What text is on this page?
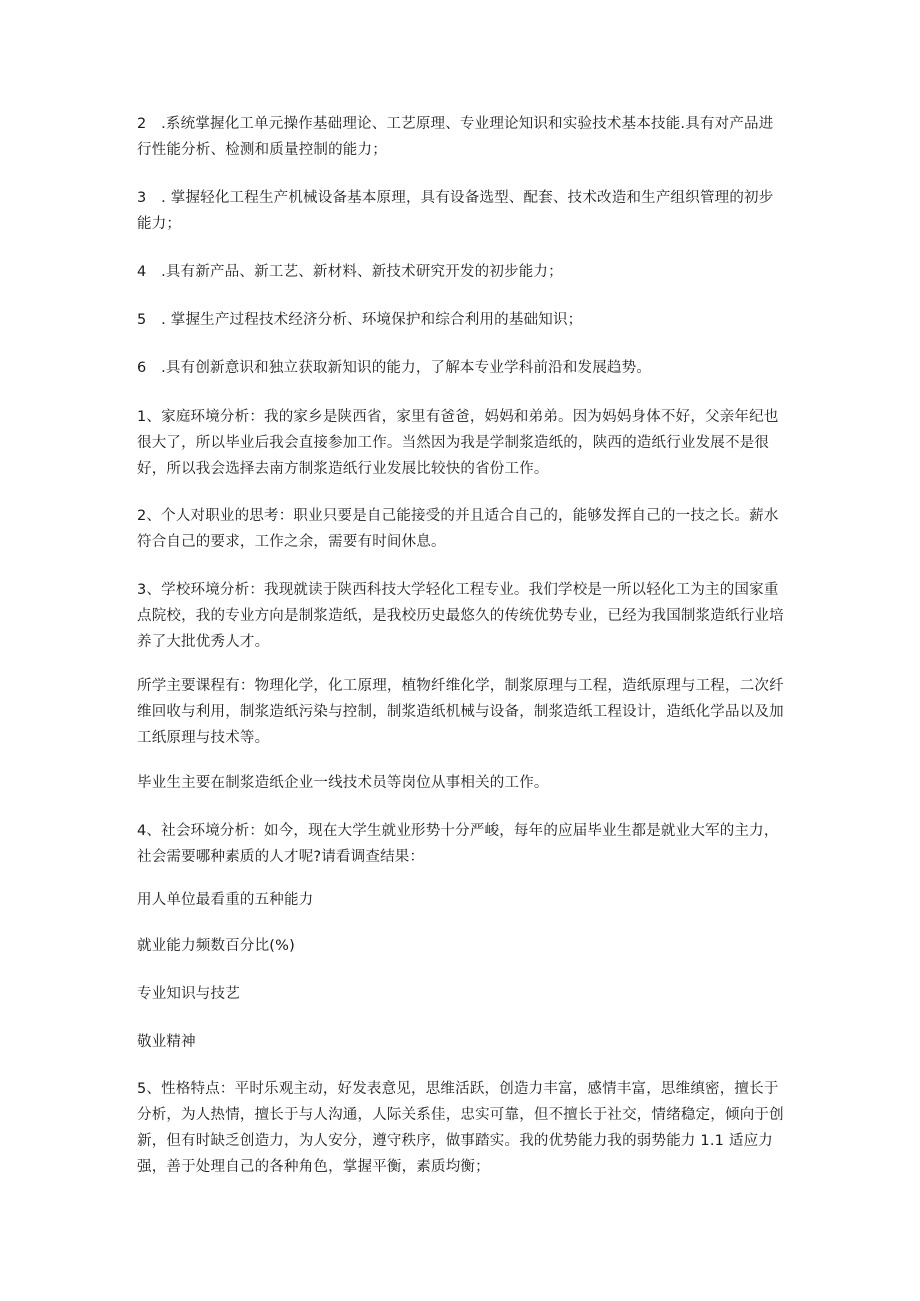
2　.系统掌握化工单元操作基础理论、工艺原理、专业理论知识和实验技术基本技能.具有对产品进行性能分析、检测和质量控制的能力；

3　. 掌握轻化工程生产机械设备基本原理，具有设备选型、配套、技术改造和生产组织管理的初步能力；

4　.具有新产品、新工艺、新材料、新技术研究开发的初步能力；

5　. 掌握生产过程技术经济分析、环境保护和综合利用的基础知识；

6　.具有创新意识和独立获取新知识的能力，了解本专业学科前沿和发展趋势。

1、家庭环境分析：我的家乡是陕西省，家里有爸爸，妈妈和弟弟。因为妈妈身体不好，父亲年纪也很大了，所以毕业后我会直接参加工作。当然因为我是学制浆造纸的，陕西的造纸行业发展不是很好，所以我会选择去南方制浆造纸行业发展比较快的省份工作。

2、个人对职业的思考：职业只要是自己能接受的并且适合自己的，能够发挥自己的一技之长。薪水符合自己的要求，工作之余，需要有时间休息。

3、学校环境分析：我现就读于陕西科技大学轻化工程专业。我们学校是一所以轻化工为主的国家重点院校，我的专业方向是制浆造纸，是我校历史最悠久的传统优势专业，已经为我国制浆造纸行业培养了大批优秀人才。

所学主要课程有：物理化学，化工原理，植物纤维化学，制浆原理与工程，造纸原理与工程，二次纤维回收与利用，制浆造纸污染与控制，制浆造纸机械与设备，制浆造纸工程设计，造纸化学品以及加工纸原理与技术等。

毕业生主要在制浆造纸企业一线技术员等岗位从事相关的工作。

4、社会环境分析：如今，现在大学生就业形势十分严峻，每年的应届毕业生都是就业大军的主力，社会需要哪种素质的人才呢?请看调查结果：

用人单位最看重的五种能力

就业能力频数百分比(%)

专业知识与技艺

敬业精神

5、性格特点：平时乐观主动，好发表意见，思维活跃，创造力丰富，感情丰富，思维缜密，擅长于分析，为人热情，擅长于与人沟通，人际关系佳，忠实可靠，但不擅长于社交，情绪稳定，倾向于创新，但有时缺乏创造力，为人安分，遵守秩序，做事踏实。我的优势能力我的弱势能力 1.1 适应力强，善于处理自己的各种角色，掌握平衡，素质均衡；
